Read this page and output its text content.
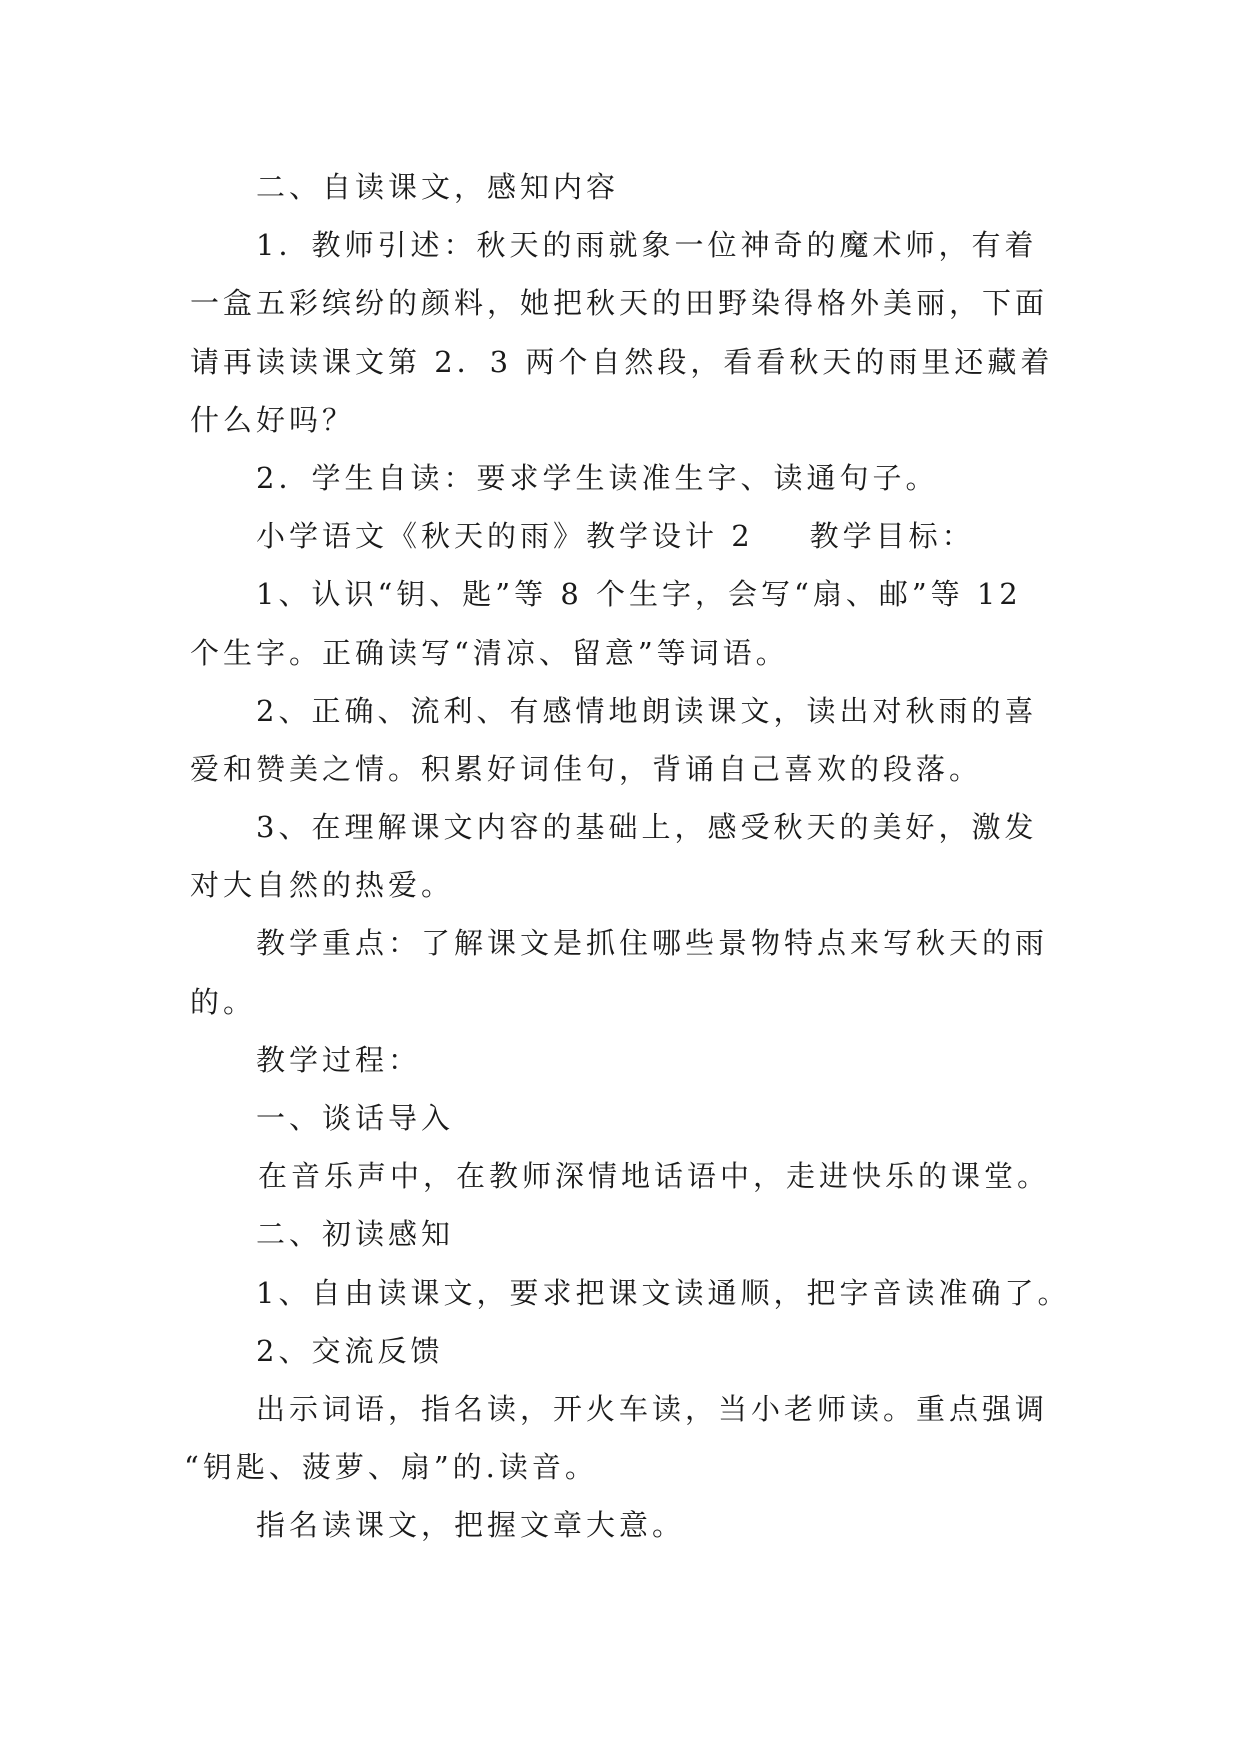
二、自读课文，感知内容
1．教师引述：秋天的雨就象一位神奇的魔术师，有着
一盒五彩缤纷的颜料，她把秋天的田野染得格外美丽，下面
请再读读课文第 2．3 两个自然段，看看秋天的雨里还藏着
什么好吗？
2．学生自读：要求学生读准生字、读通句子。
小学语文《秋天的雨》教学设计 2 教学目标：
1、认识“钥、匙”等 8 个生字，会写“扇、邮”等 12
个生字。正确读写“清凉、留意”等词语。
2、正确、流利、有感情地朗读课文，读出对秋雨的喜
爱和赞美之情。积累好词佳句，背诵自己喜欢的段落。
3、在理解课文内容的基础上，感受秋天的美好，激发
对大自然的热爱。
教学重点：了解课文是抓住哪些景物特点来写秋天的雨
的。
教学过程：
一、谈话导入
在音乐声中，在教师深情地话语中，走进快乐的课堂。
二、初读感知
1、自由读课文，要求把课文读通顺，把字音读准确了。
2、交流反馈
出示词语，指名读，开火车读，当小老师读。重点强调
“钥匙、菠萝、扇”的.读音。
指名读课文，把握文章大意。
